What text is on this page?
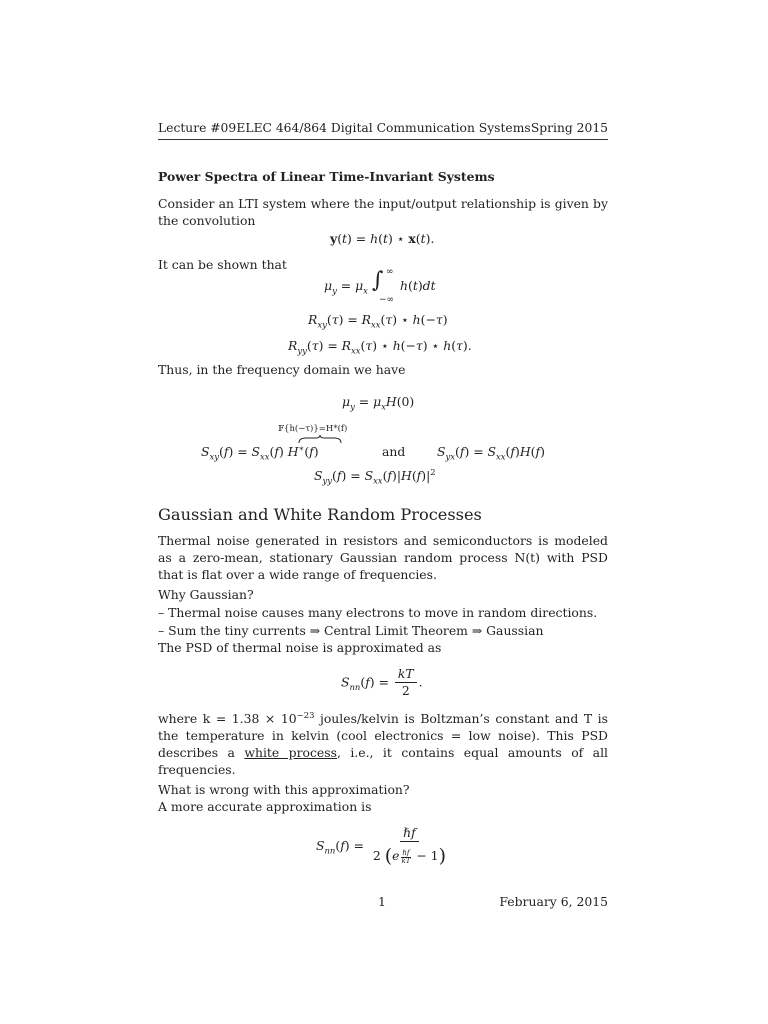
Lecture #09 ELEC 464/864 Digital Communication Systems Spring 2015
Power Spectra of Linear Time-Invariant Systems
Consider an LTI system where the input/output relationship is given by the convolution
y(t) = h(t) ⋆ x(t).
It can be shown that
$\mu_y = \mu_x$ ∫ ∞
−∞
h(t)dt
$R_{xy}(\tau) = R_{xx}(\tau)$ ⋆ h(−τ)
$R_{yy}(\tau) = R_{xx}(\tau)$ ⋆ h(−τ) ⋆ h(τ).
Thus, in the frequency domain we have
$\mu_y = \mu_xH(0)$
𝔽{h(−τ)}=H*(f)
$S_{xy}(f) = S_{xx}(f)$ H∗(f)	and	$S_{yx}(f) = S_{xx}(f)H(f)$
$S_{yy}(f) = S_{xx}(f)|H(f)|^2$
Gaussian and White Random Processes
Thermal noise generated in resistors and semiconductors is modeled as a zero-mean, stationary Gaussian random process N(t) with PSD that is flat over a wide range of frequencies.
Why Gaussian?
– Thermal noise causes many electrons to move in random directions.
– Sum the tiny currents ⇒ Central Limit Theorem ⇒ Gaussian
The PSD of thermal noise is approximated as
$S_{nn}(f) = \frac{kT}{2}$ .
where $k = 1.38 \times 10^{-23}$ joules/kelvin is Boltzman’s constant and T is the temperature in kelvin (cool electronics = low noise). This PSD describes a white process, i.e., it contains equal amounts of all frequencies.
What is wrong with this approximation?
A more accurate approximation is
$S_{nn}(f) = \frac{\text{ℏf}}{2 (e \frac{\text{ℏf}}{kT} - 1)}$
1	February 6, 2015
